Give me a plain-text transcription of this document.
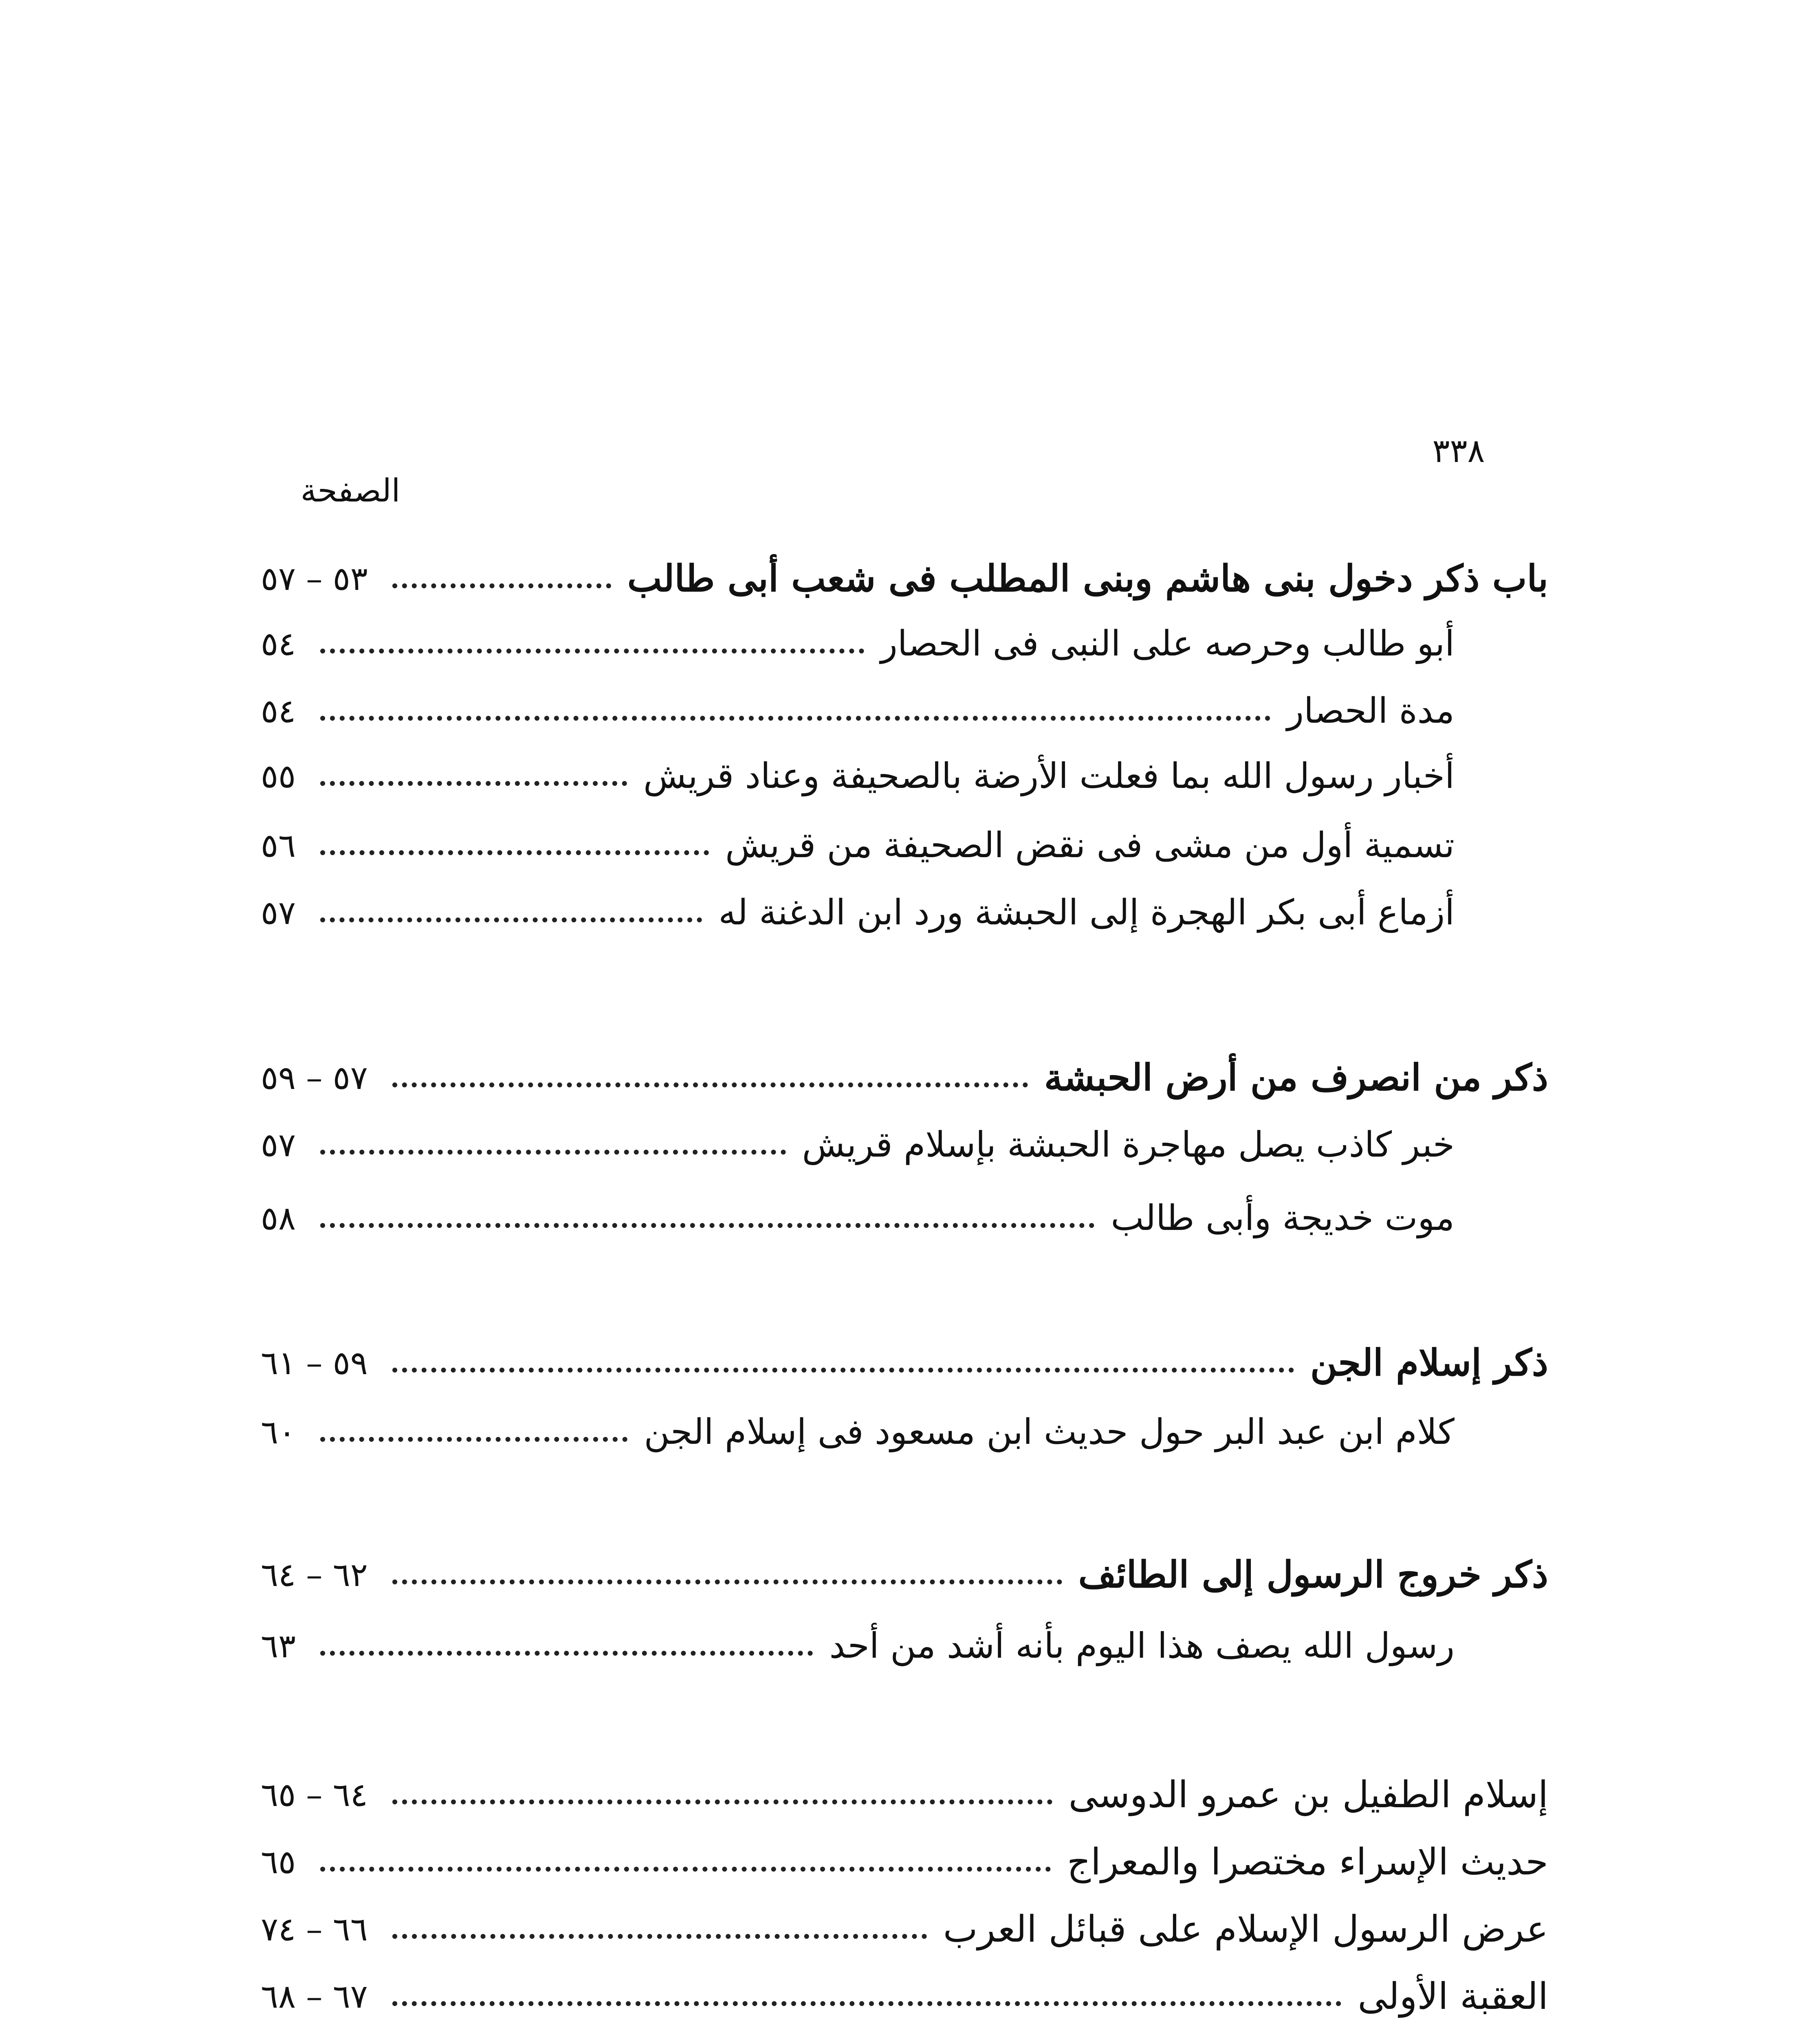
٣٣٨
الصفحة
باب ذكر دخول بنى هاشم وبنى المطلب فى شعب أبى طالب
٥٣ – ٥٧
أبو طالب وحرصه على النبى فى الحصار
٥٤
مدة الحصار
٥٤
أخبار رسول الله بما فعلت الأرضة بالصحيفة وعناد قريش
٥٥
تسمية أول من مشى فى نقض الصحيفة من قريش
٥٦
أزماع أبى بكر الهجرة إلى الحبشة ورد ابن الدغنة له
٥٧
ذكر من انصرف من أرض الحبشة
٥٧ – ٥٩
خبر كاذب يصل مهاجرة الحبشة بإسلام قريش
٥٧
موت خديجة وأبى طالب
٥٨
ذكر إسلام الجن
٥٩ – ٦١
كلام ابن عبد البر حول حديث ابن مسعود فى إسلام الجن
٦٠
ذكر خروج الرسول إلى الطائف
٦٢ – ٦٤
رسول الله يصف هذا اليوم بأنه أشد من أحد
٦٣
إسلام الطفيل بن عمرو الدوسى
٦٤ – ٦٥
حديث الإسراء مختصرا والمعراج
٦٥
عرض الرسول الإسلام على قبائل العرب
٦٦ – ٧٤
العقبة الأولى
٦٧ – ٦٨
